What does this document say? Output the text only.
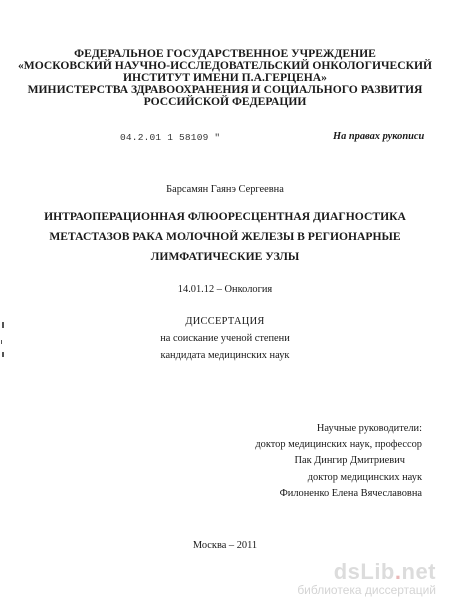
ФЕДЕРАЛЬНОЕ ГОСУДАРСТВЕННОЕ УЧРЕЖДЕНИЕ
«МОСКОВСКИЙ НАУЧНО-ИССЛЕДОВАТЕЛЬСКИЙ ОНКОЛОГИЧЕСКИЙ
ИНСТИТУТ ИМЕНИ П.А.ГЕРЦЕНА»
МИНИСТЕРСТВА ЗДРАВООХРАНЕНИЯ И СОЦИАЛЬНОГО РАЗВИТИЯ
РОССИЙСКОЙ ФЕДЕРАЦИИ
04.2.01 1 58109 "	На правах рукописи
Барсамян Гаянэ Сергеевна
ИНТРАОПЕРАЦИОННАЯ ФЛЮОРЕСЦЕНТНАЯ ДИАГНОСТИКА
МЕТАСТАЗОВ РАКА МОЛОЧНОЙ ЖЕЛЕЗЫ В РЕГИОНАРНЫЕ
ЛИМФАТИЧЕСКИЕ УЗЛЫ
14.01.12 – Онкология
ДИССЕРТАЦИЯ
на соискание ученой степени
кандидата медицинских наук
Научные руководители:
доктор медицинских наук, профессор
Пак Дингир Дмитриевич
доктор медицинских наук
Филоненко Елена Вячеславовна
Москва – 2011
dsLib.net
библиотека диссертаций
